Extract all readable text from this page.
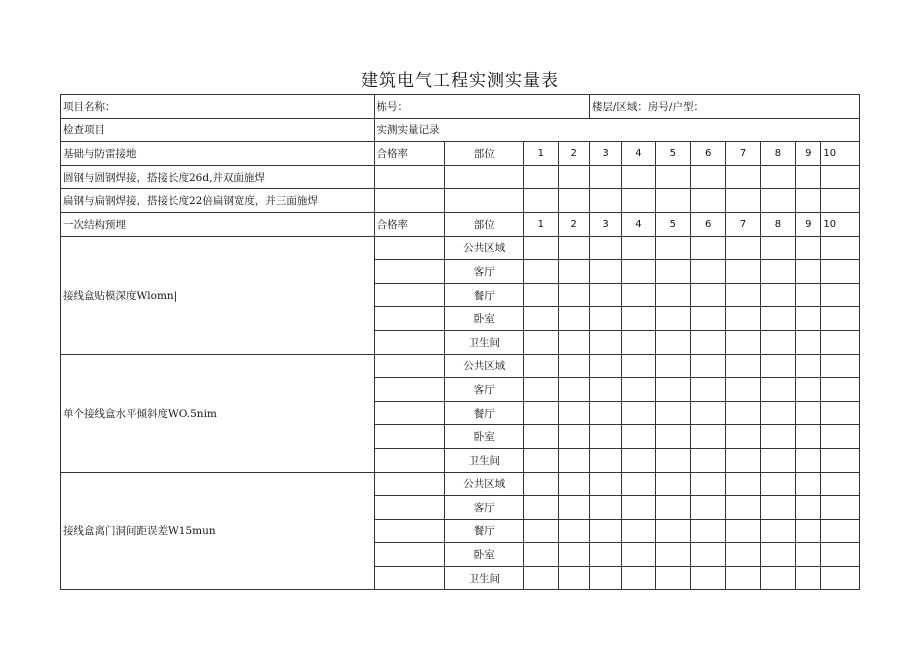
建筑电气工程实测实量表
项目名称：	栋号：				楼层/区域：房号/户型：							
检查项目	实测实量记录											
基础与防雷接地	合格率	部位	1	2	3	4	5	6	7	8	9	10
圆钢与圆钢焊接，搭接长度26d,并双面施焊												
扁钢与扁钢焊接，搭接长度22倍扁钢宽度，并三面施焊												
一次结构预埋	合格率	部位	1	2	3	4	5	6	7	8	9	10
接线盒贴模深度Wlomn|		公共区域										
		客厅										
		餐厅										
		卧室										
		卫生间										
单个接线盒水平倾斜度WO.5nim		公共区域										
		客厅										
		餐厅										
		卧室										
		卫生间										
接线盒离门洞间距误差W15mun		公共区域										
		客厅										
		餐厅										
		卧室										
		卫生间										
